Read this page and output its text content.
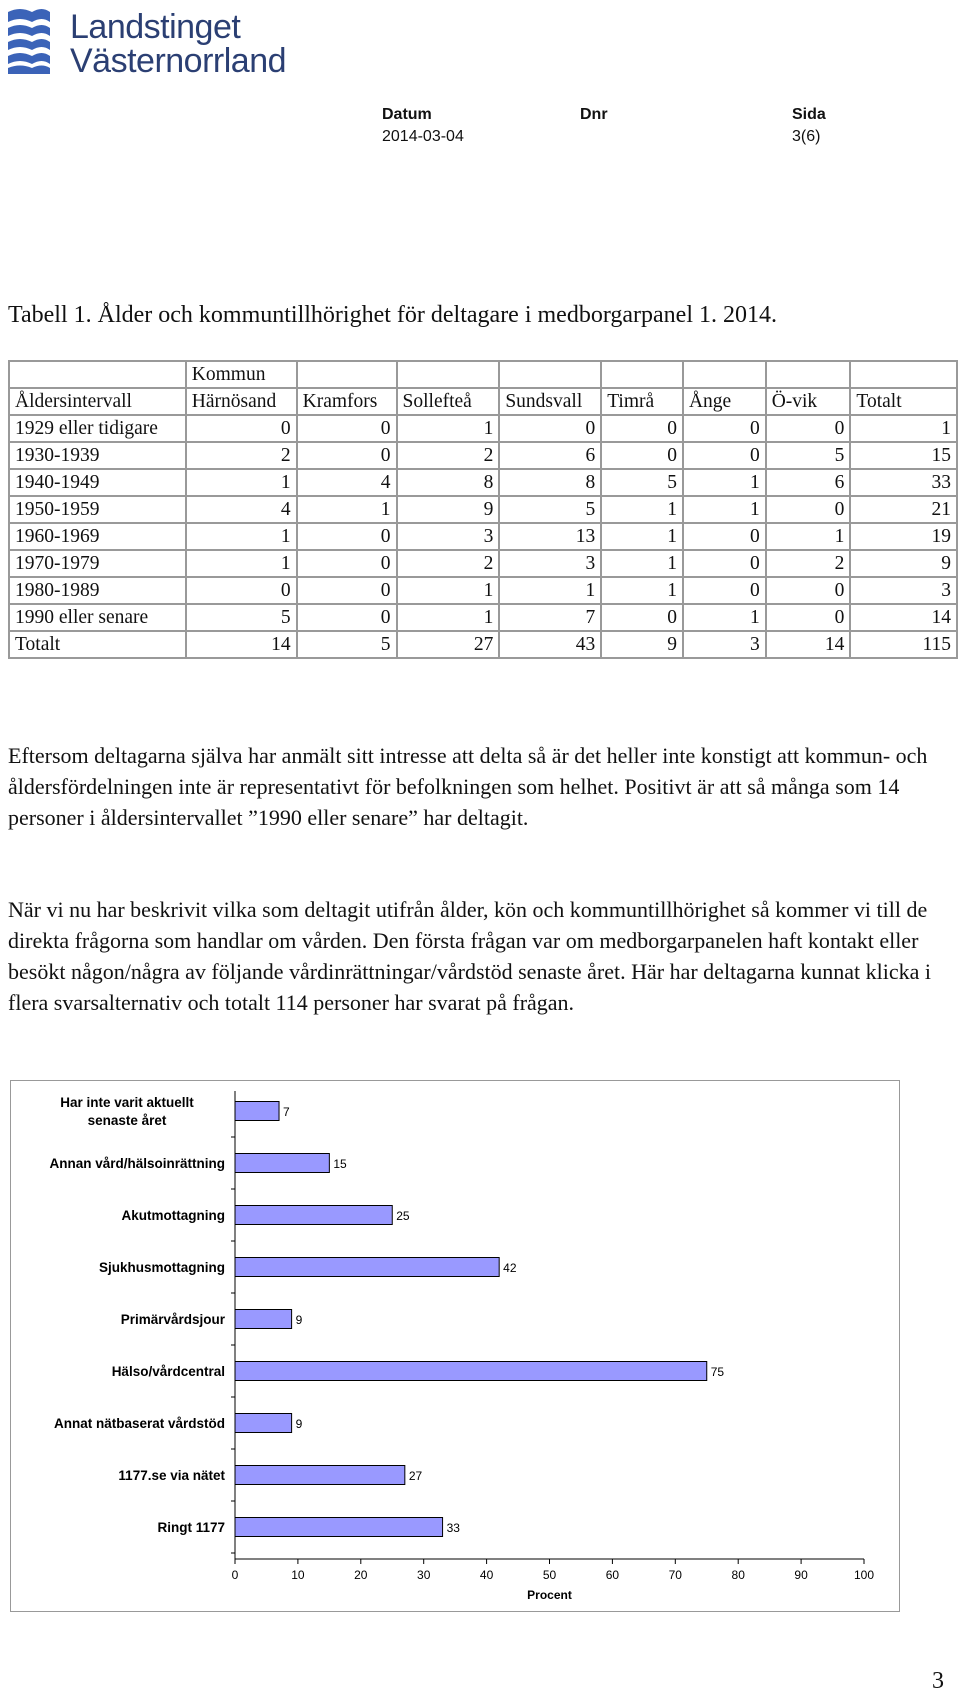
Landstinget
Västernorrland
Datum
2014-03-04
Dnr	Sida
3(6)
Tabell 1. Ålder och kommuntillhörighet för deltagare i medborgarpanel 1. 2014.
	Kommun							
Åldersintervall	Härnösand	Kramfors	Sollefteå	Sundsvall	Timrå	Ånge	Ö-vik	Totalt
1929 eller tidigare	0	0	1	0	0	0	0	1
1930-1939	2	0	2	6	0	0	5	15
1940-1949	1	4	8	8	5	1	6	33
1950-1959	4	1	9	5	1	1	0	21
1960-1969	1	0	3	13	1	0	1	19
1970-1979	1	0	2	3	1	0	2	9
1980-1989	0	0	1	1	1	0	0	3
1990 eller senare	5	0	1	7	0	1	0	14
Totalt	14	5	27	43	9	3	14	115
Eftersom deltagarna själva har anmält sitt intresse att delta så är det heller inte konstigt att kommun- och åldersfördelningen inte är representativt för befolkningen som helhet. Positivt är att så många som 14 personer i åldersintervallet ”1990 eller senare” har deltagit.
När vi nu har beskrivit vilka som deltagit utifrån ålder, kön och kommuntillhörighet så kommer vi till de direkta frågorna som handlar om vården. Den första frågan var om medborgarpanelen haft kontakt eller besökt någon/några av följande vårdinrättningar/vårdstöd senaste året. Här har deltagarna kunnat klicka i flera svarsalternativ och totalt 114 personer har svarat på frågan.
Har inte varit aktuellt senaste året
7
Annan vård/hälsoinrättning	15
Akutmottagning	25
Sjukhusmottagning	42
Primärvårdsjour	9
Hälso/vårdcentral	75
Annat nätbaserat vårdstöd	9
1177.se via nätet	27
Ringt 1177	33
0	10	20	30	40	50	60	70	80	90	100
Procent
3
